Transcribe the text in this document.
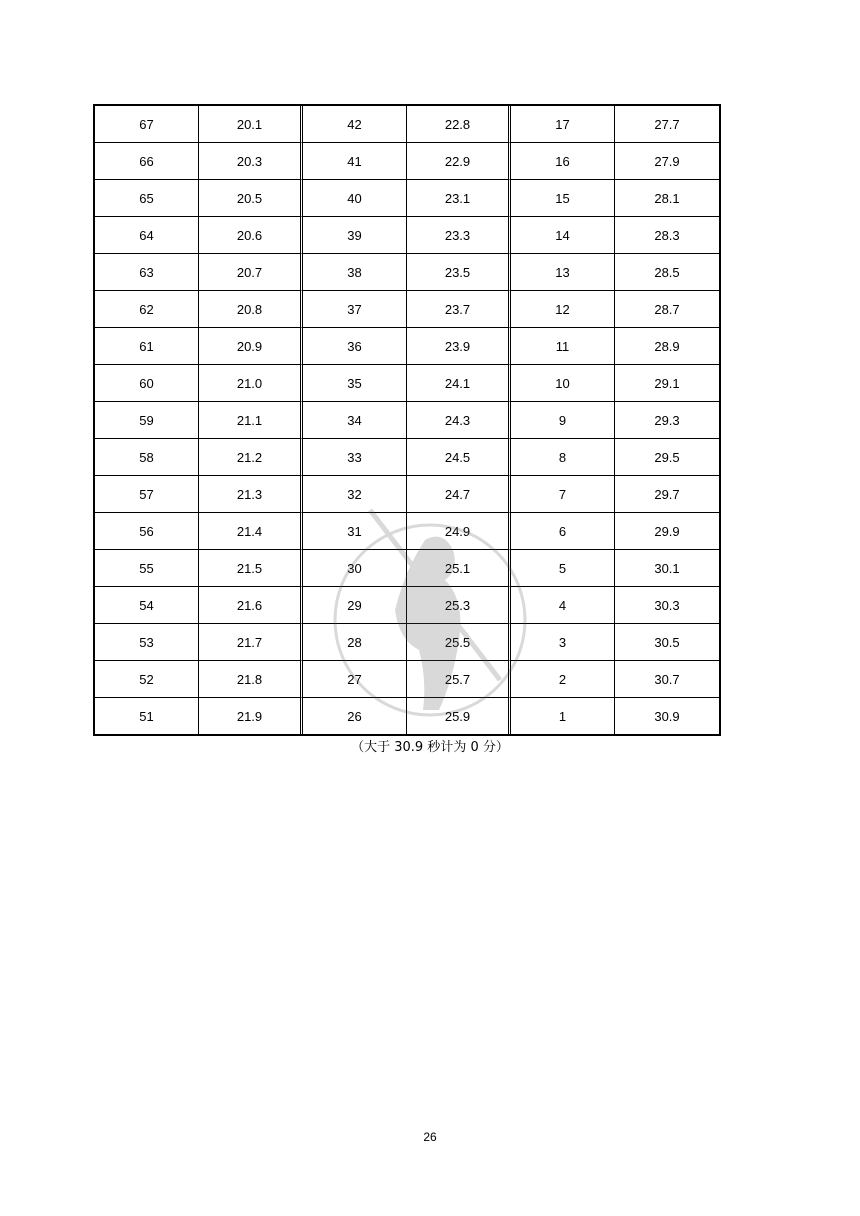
67	20.1	42	22.8	17	27.7
66	20.3	41	22.9	16	27.9
65	20.5	40	23.1	15	28.1
64	20.6	39	23.3	14	28.3
63	20.7	38	23.5	13	28.5
62	20.8	37	23.7	12	28.7
61	20.9	36	23.9	11	28.9
60	21.0	35	24.1	10	29.1
59	21.1	34	24.3	9	29.3
58	21.2	33	24.5	8	29.5
57	21.3	32	24.7	7	29.7
56	21.4	31	24.9	6	29.9
55	21.5	30	25.1	5	30.1
54	21.6	29	25.3	4	30.3
53	21.7	28	25.5	3	30.5
52	21.8	27	25.7	2	30.7
51	21.9	26	25.9	1	30.9
（大于 30.9 秒计为 0 分）
26
